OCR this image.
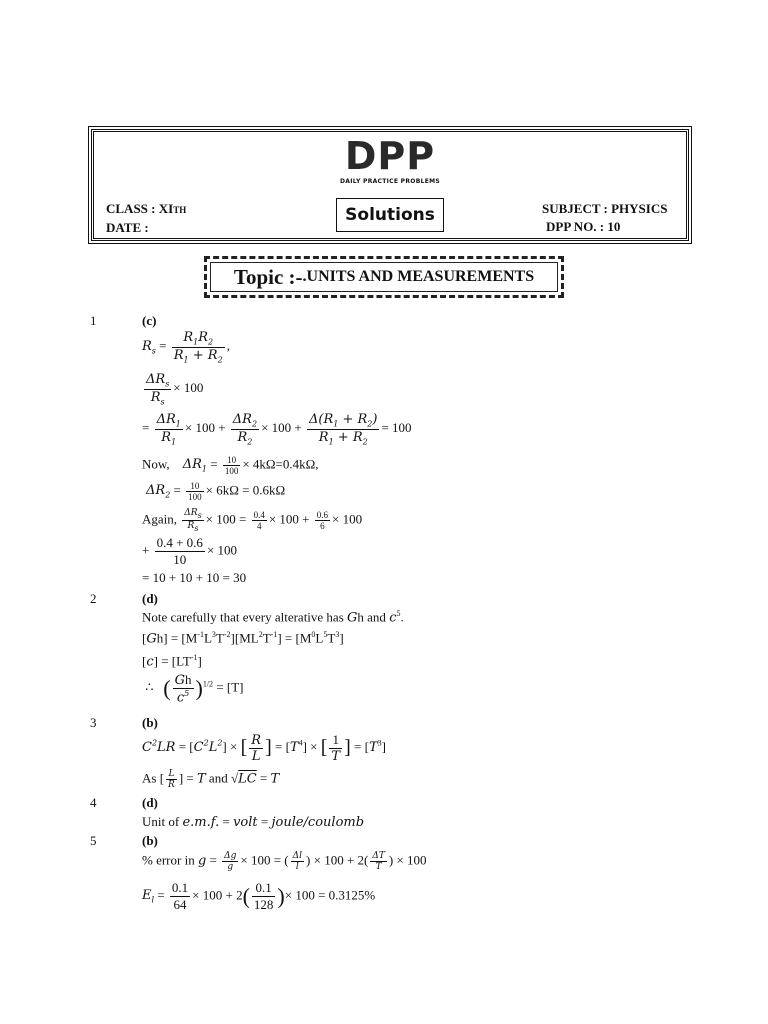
DPP
DAILY PRACTICE PROBLEMS
CLASS : XITH
DATE :
Solutions	SUBJECT : PHYSICS
DPP NO. : 10
Topic :- .UNITS AND MEASUREMENTS
1	(c)
$R_s = \frac{R_1R_2}{R_1 + R_2}$ ,
$\frac{\Delta R_s}{R_s} \times 100$
= $\frac{\Delta R_1}{R_1} \times 100 + \frac{\Delta R_2}{R_2} \times 100 + \frac{\Delta(R_1 + R_2)}{R_1 + R_2} = 100$
Now, $\Delta R_1 = \frac{10}{100} \times 4k\Omega=0.4k\Omega$,
$\Delta R_2 = \frac{10}{100} \times 6k\Omega = 0.6k\Omega$
Again, $\frac{\Delta R_s}{R_s} \times 100 = \frac{0.4}{4} \times 100 + \frac{0.6}{6} \times 100$
+ $\frac{0.4 + 0.6}{10} \times 100$
= 10 + 10 + 10 = 30
2	(d)
Note carefully that every alterative has Gh and $c^5$.
$[Gh] = [M^{-1}L^3T^{-2}][ML^2T^{-1}] = [M^0L^5T^3]$
$[c] = [LT^{-1}]$
∴   ( $\frac{Gh}{c^5} )^{1/2} = [T]$
3	(b)
$C^2LR = [C^2L^2]$ × [ $\frac{R}{L}$ ] = $[T^4]$ × [ $\frac{1}{T}$ ] = $[T^3]$
As [ $\frac{L}{R}$ ] = T and √LC = T
4	(d)
Unit of e.m.f. = volt = joule/coulomb
5	(b)
% error in $g = \frac{\Delta g}{g} \times 100$ = ( $\frac{\Delta l}{l}$ ) × $100 + 2( \frac{\Delta T}{T}$ ) × 100
$E_l = \frac{0.1}{64} \times 100 + 2( \frac{0.1}{128}$ )× 100 = 0.3125%
